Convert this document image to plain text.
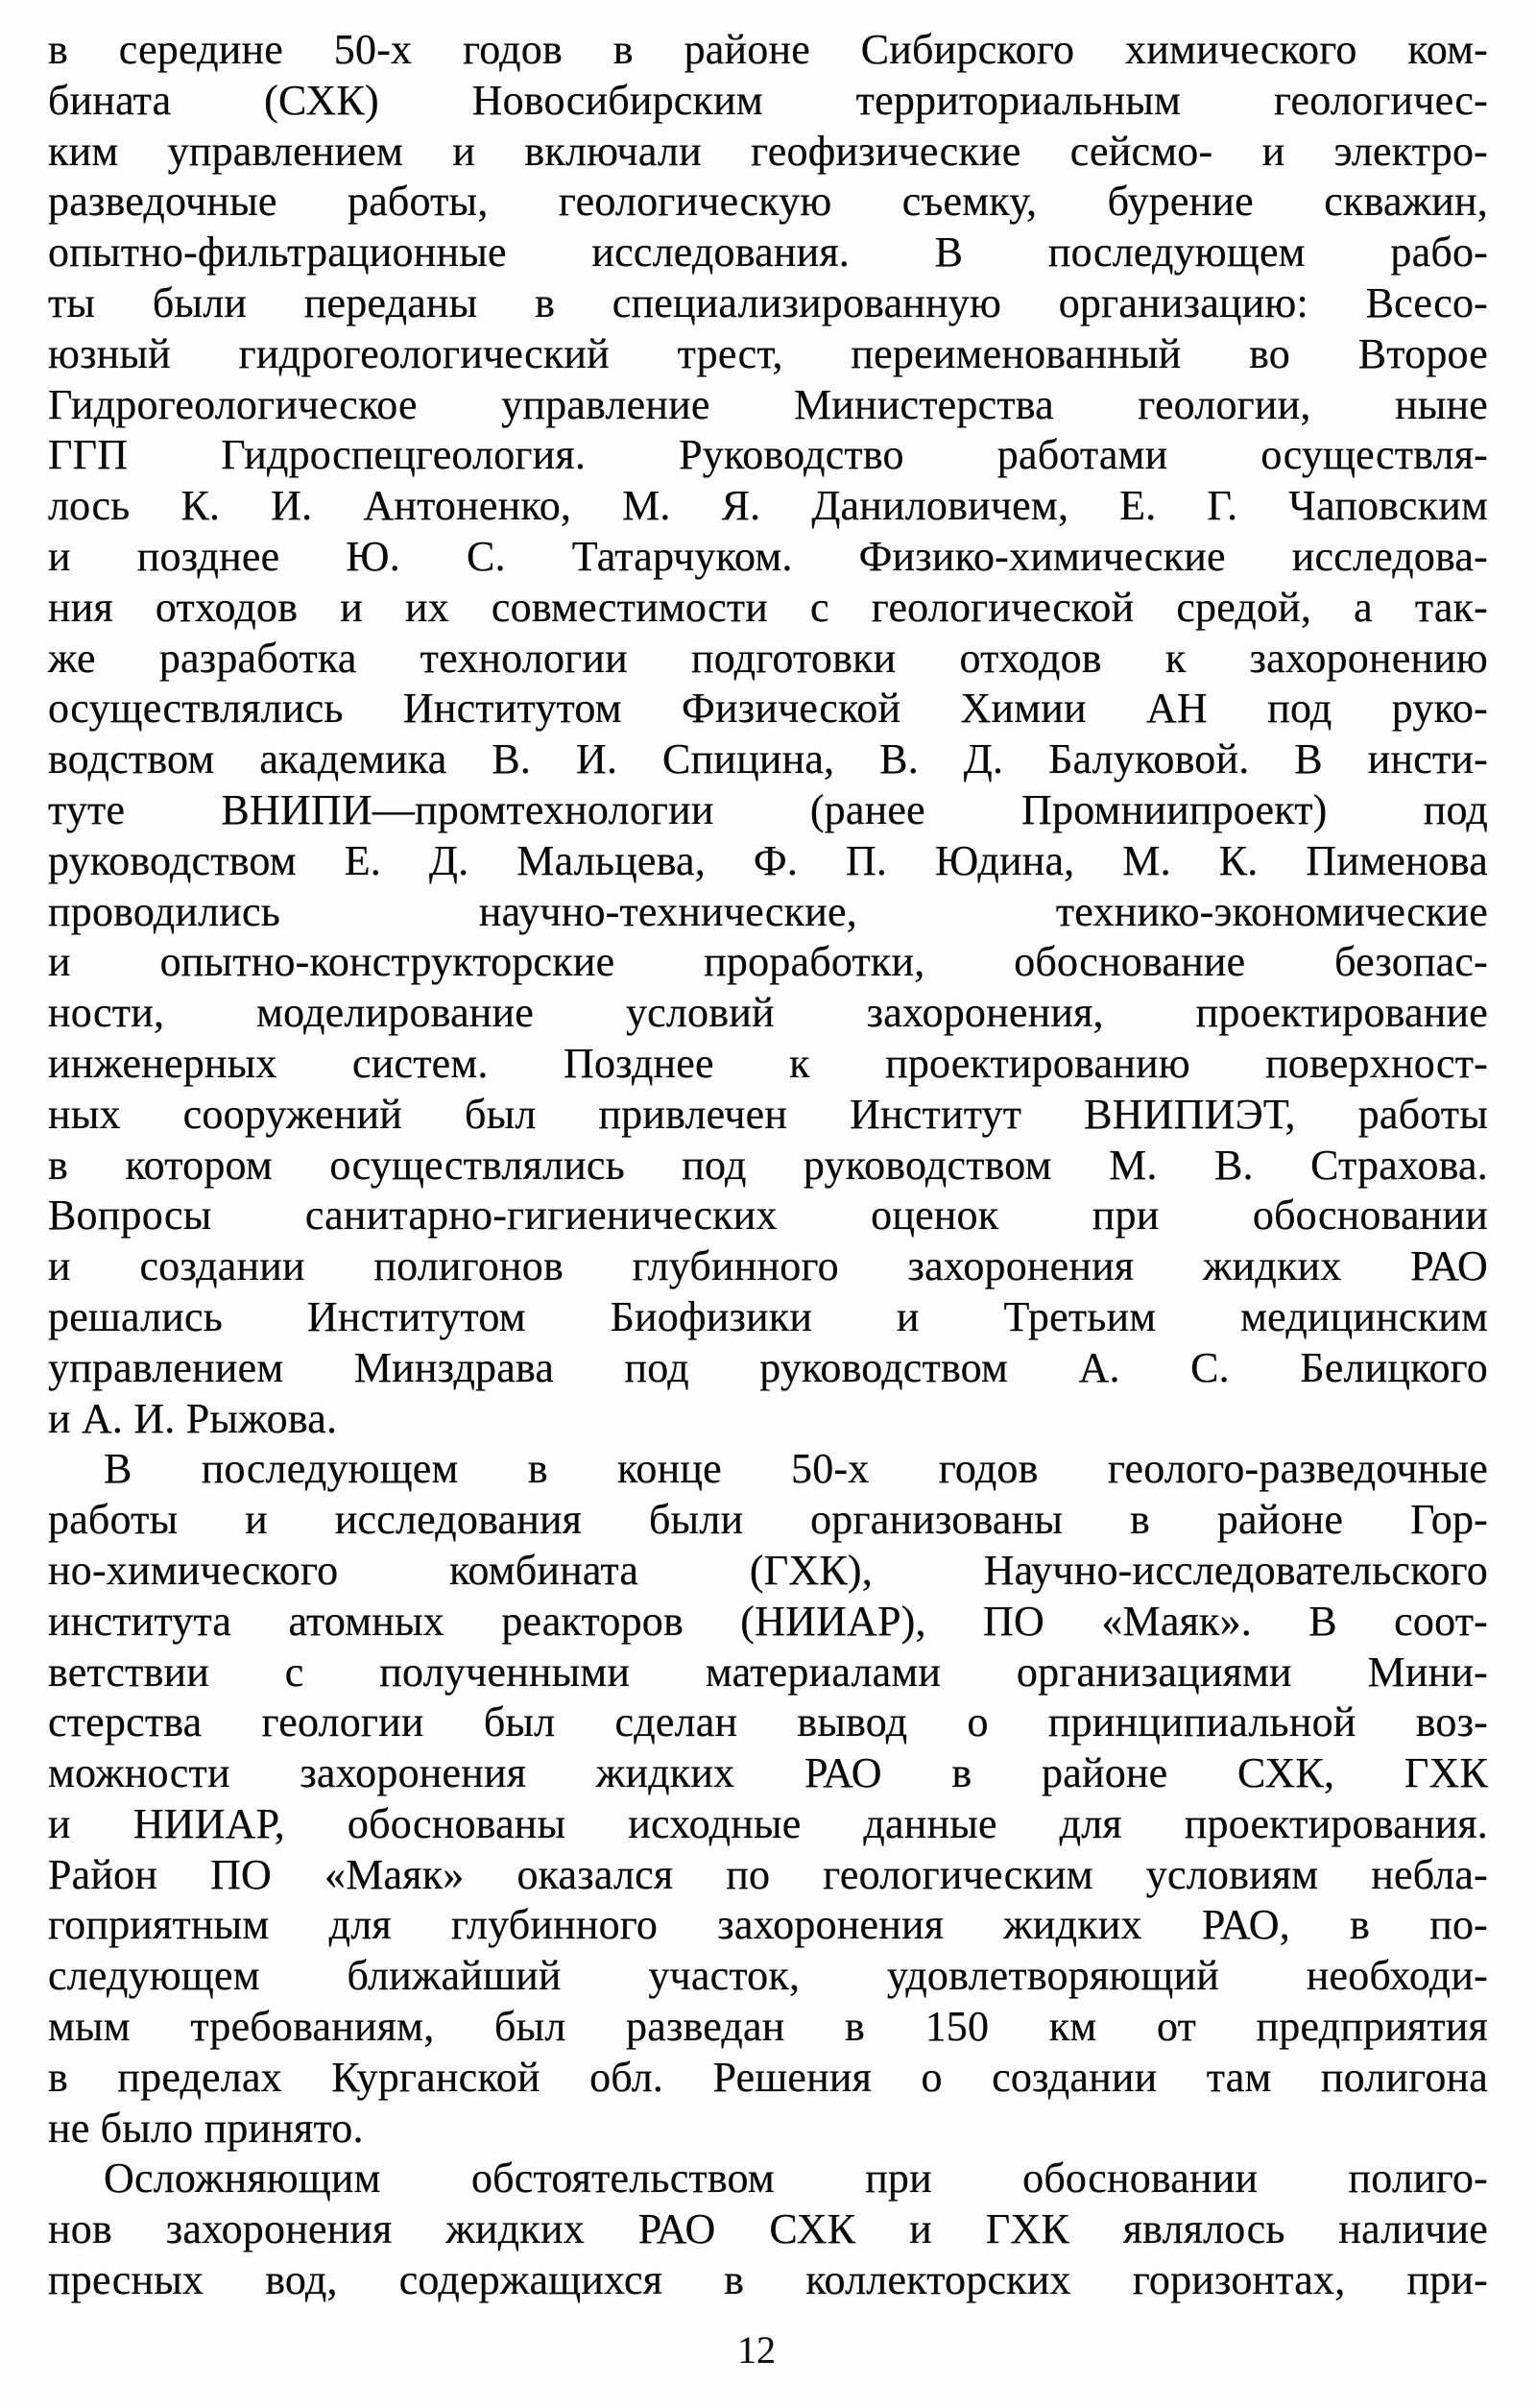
в середине 50-х годов в районе Сибирского химического ком-
бината (СХК) Новосибирским территориальным геологичес-
ким управлением и включали геофизические сейсмо- и электро-
разведочные работы, геологическую съемку, бурение скважин,
опытно-фильтрационные исследования. В последующем рабо-
ты были переданы в специализированную организацию: Всесо-
юзный гидрогеологический трест, переименованный во Второе
Гидрогеологическое управление Министерства геологии, ныне
ГГП Гидроспецгеология. Руководство работами осуществля-
лось К. И. Антоненко, М. Я. Даниловичем, Е. Г. Чаповским
и позднее Ю. С. Татарчуком. Физико-химические исследова-
ния отходов и их совместимости с геологической средой, а так-
же разработка технологии подготовки отходов к захоронению
осуществлялись Институтом Физической Химии АН под руко-
водством академика В. И. Спицина, В. Д. Балуковой. В инсти-
туте ВНИПИ—промтехнологии (ранее Промниипроект) под
руководством Е. Д. Мальцева, Ф. П. Юдина, М. К. Пименова
проводились научно-технические, технико-экономические
и опытно-конструкторские проработки, обоснование безопас-
ности, моделирование условий захоронения, проектирование
инженерных систем. Позднее к проектированию поверхност-
ных сооружений был привлечен Институт ВНИПИЭТ, работы
в котором осуществлялись под руководством М. В. Страхова.
Вопросы санитарно-гигиенических оценок при обосновании
и создании полигонов глубинного захоронения жидких РАО
решались Институтом Биофизики и Третьим медицинским
управлением Минздрава под руководством А. С. Белицкого
и А. И. Рыжова.
В последующем в конце 50-х годов геолого-разведочные
работы и исследования были организованы в районе Гор-
но-химического комбината (ГХК), Научно-исследовательского
института атомных реакторов (НИИАР), ПО «Маяк». В соот-
ветствии с полученными материалами организациями Мини-
стерства геологии был сделан вывод о принципиальной воз-
можности захоронения жидких РАО в районе СХК, ГХК
и НИИАР, обоснованы исходные данные для проектирования.
Район ПО «Маяк» оказался по геологическим условиям небла-
гоприятным для глубинного захоронения жидких РАО, в по-
следующем ближайший участок, удовлетворяющий необходи-
мым требованиям, был разведан в 150 км от предприятия
в пределах Курганской обл. Решения о создании там полигона
не было принято.
Осложняющим обстоятельством при обосновании полиго-
нов захоронения жидких РАО СХК и ГХК являлось наличие
пресных вод, содержащихся в коллекторских горизонтах, при-
12
